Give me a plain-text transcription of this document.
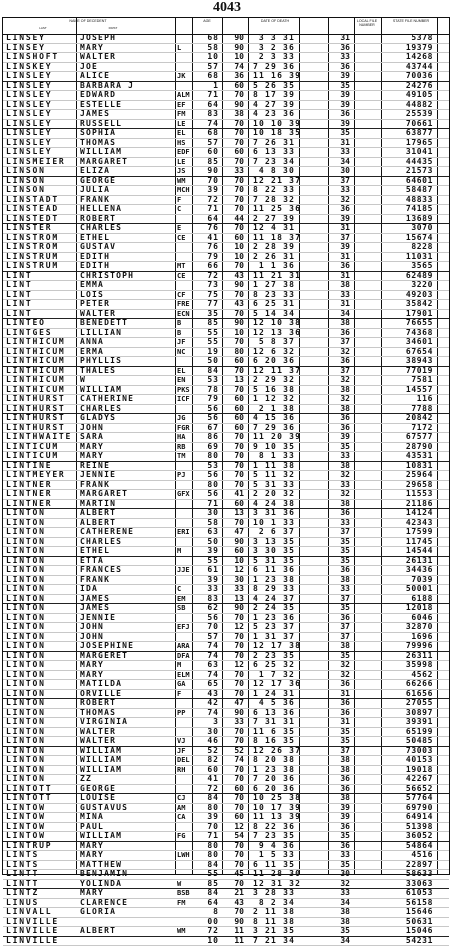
4043
NAME OF DECEDENT
LAST	FIRST
AGE	DATE OF DEATH	LOCAL FILE NUMBER
STATE FILE NUMBER
LINSEY	JOSEPH	68	90	3 3 31	31	5378
LINSEY	MARY	L	58	90	3 2 36	36	19379
LINSHOFT	WALTER	10	10	2 3 33	33	14268
LINSKEY	JOE	57	74 7 29 36	36	43744
LINSLEY	ALICE	JK	68	36 11 16 39	39	70036
LINSLEY	BARBARA J	1	60 5 26 35	35	24276
LINSLEY	EDWARD	ALM	71	70 8 17 39	39	49105
LINSLEY	ESTELLE	EF	64	90 4 27 39	39	44882
LINSLEY	JAMES	FM	83	38 4 23 36	36	25539
LINSLEY	RUSSELL	LE	74	70 10 10 39	39	70661
LINSLEY	SOPHIA	EL	68	70 10 18 35	35	63877
LINSLEY	THOMAS	HS	57	70 7 26 31	31	17965
LINSLEY	WILLIAM	EDF	60	60 6 13 33	33	31041
LINSMEIER MARGARET	LE	85	70 7 23 34	34	44435
LINSON	ELIZA	JS	90	33	4 8 30	30	21573
LINSON	GEORGE	WM	70	70 12 21 37	37	64601
LINSON	JULIA	MCH	39	70 8 22 33	33	58487
LINSTADT	FRANK	F	72	70 7 28 32	32	48833
LINSTEAD	HELLENA	C	71	70 11 25 36	36	74185
LINSTEDT	ROBERT	64	44 2 27 39	39	13689
LINSTER	CHARLES	E	76	70 12 4 31	31	3070
LINSTROM	ETHEL	CE	41	60 11 18 37	37	15674
LINSTROM	GUSTAV	76	10 2 28 39	39	8228
LINSTRUM	EDITH	79	10 2 26 31	31	11031
LINSTRUM	EDITH	MT	66	70	1 1 36	36	3565
LINT	CHRISTOPH	CE	72	43 11 21 31	31	62489
LINT	EMMA	73	90 1 27 38	38	3220
LINT	LOIS	CF	75	70 8 23 33	33	49203
LINT	PETER	FRE	77	43 6 25 31	31	35842
LINT	WALTER	ECN	35	70 5 14 34	34	17901
LINTEO	BENEDETT	B	85	90 12 10 38	38	76655
LINTGES	LILLIAN	B	55	10 12 13 36	36	74368
LINTHICUM ANNA	JF	55	70	5 8 37	37	34601
LINTHICUM ERMA	NC	19	80 12 6 32	32	67654
LINTHICUM PHYLLIS	50	60 6 20 36	36	38943
LINTHICUM THALES	EL	84	70 12 11 37	37	77019
LINTHICUM W	EN	53	13 2 29 32	32	7581
LINTHICUM WILLIAM	PKS	78	70 5 16 38	38	14557
LINTHURST CATHERINE	ICF	79	60 1 12 32	32	116
LINTHURST CHARLES	56	60	2 1 38	38	7788
LINTHURST GLADYS	JG	56	60 4 15 36	36	20842
LINTHURST JOHN	FGR	67	60 7 29 36	36	7172
LINTHWAITE SARA	HA	86	70 11 20 39	39	67577
LINTICUM	MARY	RB	69	70 9 10 35	35	28790
LINTICUM	MARY	TM	80	70	8 1 33	33	43531
LINTINE	REINE	53	70 1 11 38	38	10831
LINTMEYER JENNIE	PJ	56	70 5 11 32	32	25964
LINTNER	FRANK	80	70 5 31 33	33	29658
LINTNER	MARGARET	GFX	56	41 2 20 32	32	11553
LINTNER	MARTIN	71	60 4 24 38	38	21186
LINTON	ALBERT	30	13 3 31 36	36	14124
LINTON	ALBERT	58	70 10 1 33	33	42343
LINTON	CATHERENE	ERI	63	47	2 6 37	37	17599
LINTON	CHARLES	50	90 3 13 35	35	11745
LINTON	ETHEL	M	39	60 3 30 35	35	14544
LINTON	ETTA	55	10 5 31 35	35	26131
LINTON	FRANCES	JJE	61	12 6 11 36	36	34436
LINTON	FRANK	39	30 1 23 38	38	7039
LINTON	IDA	C	33	33 8 29 33	33	50001
LINTON	JAMES	EM	83	13 4 24 37	37	6188
LINTON	JAMES	SB	62	90 2 24 35	35	12018
LINTON	JENNIE	56	70 1 23 36	36	6046
LINTON	JOHN	EFJ	70	12 5 23 37	37	32870
LINTON	JOHN	57	70 1 31 37	37	1696
LINTON	JOSEPHINE	ARA	74	70 12 17 38	38	79996
LINTON	MARGERET	DFA	74	70 2 23 35	35	26311
LINTON	MARY	M	63	12 6 25 32	32	35998
LINTON	MARY	ELM	74	70	1 7 32	32	4562
LINTON	MATILDA	GA	65	70 12 17 36	36	66266
LINTON	ORVILLE	F	43	70 1 24 31	31	61656
LINTON	ROBERT	42	47	4 5 36	36	27055
LINTON	THOMAS	PP	74	90 6 13 36	36	30897
LINTON	VIRGINIA	3	33 7 31 31	31	39391
LINTON	WALTER	30	70 11 6 35	35	65199
LINTON	WALTER	VJ	46	70 8 16 35	35	50485
LINTON	WILLIAM	JF	52	52 12 26 37	37	73003
LINTON	WILLIAM	DEL	82	74 8 20 38	38	40153
LINTON	WILLIAM	RH	60	70 1 23 38	38	19018
LINTON	ZZ	41	70 7 20 36	36	42267
LINTOTT	GEORGE	72	60 6 20 36	36	56652
LINTOTT	LOUISE	CJ	84	70 10 25 38	38	57764
LINTOW	GUSTAVUS	AM	80	70 10 17 39	39	69790
LINTOW	MINA	CA	39	60 11 13 39	39	64914
LINTOW	PAUL	70	12 8 22 36	36	51398
LINTOW	WILLIAM	FG	71	54 7 23 35	35	36052
LINTRUP	MARY	80	70	9 4 36	36	54864
LINTS	MARY	LWH	80	70	1 5 33	33	4516
LINTS	MATTHEW	84	70 6 11 35	35	22897
LINTT	BENJAMIN	55	45 11 28 30	30	58633
LINTT	YOLINDA	W	85	70 12 31 32	32	33063
LINTZ	MARY	BSB	84	21 3 28 33	33	61053
LINUS	CLARENCE	FM	64	43	8 2 34	34	56158
LINVALL	GLORIA	8	70 2 11 38	38	15646
LINVILLE	00	90 8 11 38	38	50631
LINVILLE	ALBERT	WM	72	11 3 21 35	35	15046
LINVILLE	10	11 7 21 34	34	54231
